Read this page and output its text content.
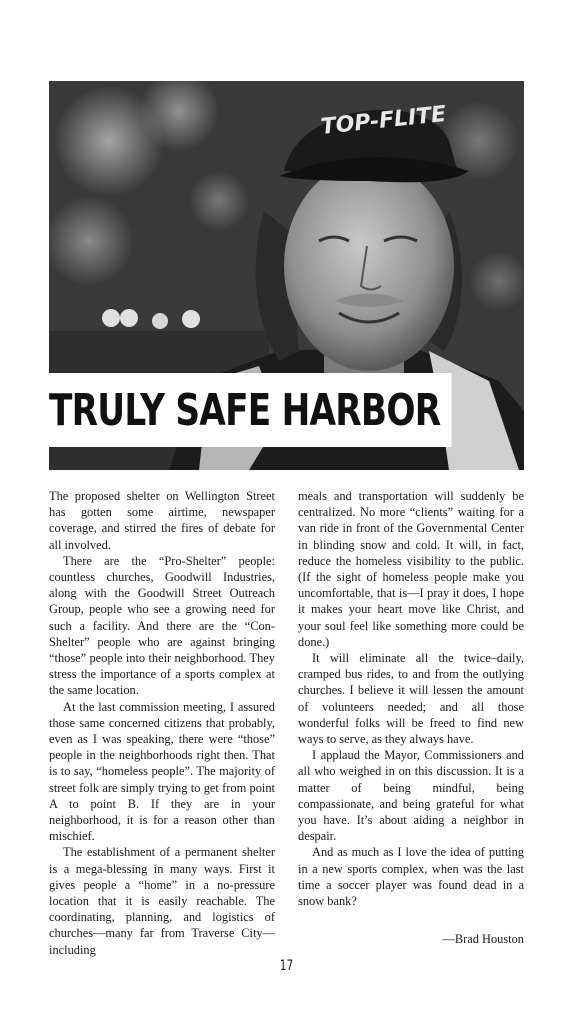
TOP-FLITE
TRULY SAFE HARBOR

The proposed shelter on Wellington Street has gotten some airtime, newspaper coverage, and stirred the fires of debate for all involved.

There are the “Pro-Shelter” people: countless churches, Goodwill Industries, along with the Goodwill Street Outreach Group, people who see a growing need for such a facility. And there are the “Con-Shelter” people who are against bringing “those” people into their neighborhood. They stress the importance of a sports complex at the same location.

At the last commission meeting, I assured those same concerned citizens that probably, even as I was speaking, there were “those” people in the neighborhoods right then. That is to say, “homeless people”. The majority of street folk are simply trying to get from point A to point B. If they are in your neighborhood, it is for a reason other than mischief.

The establishment of a permanent shelter is a mega-blessing in many ways. First it gives people a “home” in a no-pressure location that it is easily reachable. The coordinating, planning, and logistics of churches—many far from Traverse City—including

meals and transportation will suddenly be centralized. No more “clients” waiting for a van ride in front of the Governmental Center in blinding snow and cold. It will, in fact, reduce the homeless visibility to the public. (If the sight of homeless people make you uncomfortable, that is—I pray it does, I hope it makes your heart move like Christ, and your soul feel like something more could be done.)

It will eliminate all the twice–daily, cramped bus rides, to and from the outlying churches. I believe it will lessen the amount of volunteers needed; and all those wonderful folks will be freed to find new ways to serve, as they always have.

I applaud the Mayor, Commissioners and all who weighed in on this discussion. It is a matter of being mindful, being compassionate, and being grateful for what you have. It’s about aiding a neighbor in despair.

And as much as I love the idea of putting in a new sports complex, when was the last time a soccer player was found dead in a snow bank?

—Brad Houston

17
